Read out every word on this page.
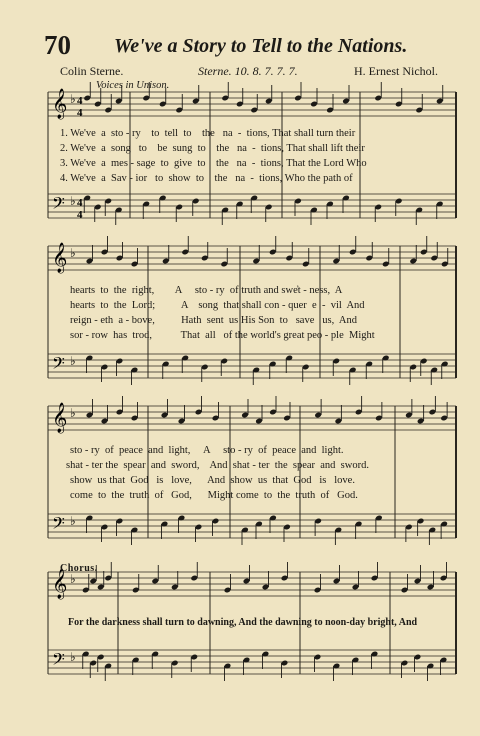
70 We've a Story to Tell to the Nations.
Colin Sterne.	Sterne. 10. 8. 7. 7. 7.	H. Ernest Nichol.
Voices in Unison.
𝄞
𝄢
♭
♭
𝄞
𝄢
♭
♭
𝄞
𝄢
♭
♭
𝄞
𝄢
♭
♭
4
4
4
4
1. We've  a  sto - ry    to  tell  to    the   na  -  tions, That shall turn their
2. We've  a  song   to    be  sung  to    the   na  -  tions, That shall lift their
3. We've  a  mes - sage  to  give  to    the   na  -  tions, That the Lord Who
4. We've  a  Sav - ior   to  show  to    the   na  -  tions, Who the path of
hearts  to  the  right,        A     sto - ry  of truth and swe̓t - ness,  A
hearts  to  the  Lord;          A    song  that shall con - quer  e  -  vil  And
reign - eth  a - bove,          Hath  sent  us His Son  to   save   us,  And
sor - row  has  trod,           That  all   of the world's great peo - ple  Might
sto - ry  of  peace  and  light,     A     sto - ry  of  peace  and  light.
shat - ter the  spear  and  sword,    And  shat - ter  the  spear  and  sword.
show  us that  God   is   love,      And  show  us  that  God   is   love.
come  to  the  truth  of   God,      Might come  to  the  truth  of   God.
Chorus.
For the darkness shall turn to dawning, And the dawning to noon-day bright, And
